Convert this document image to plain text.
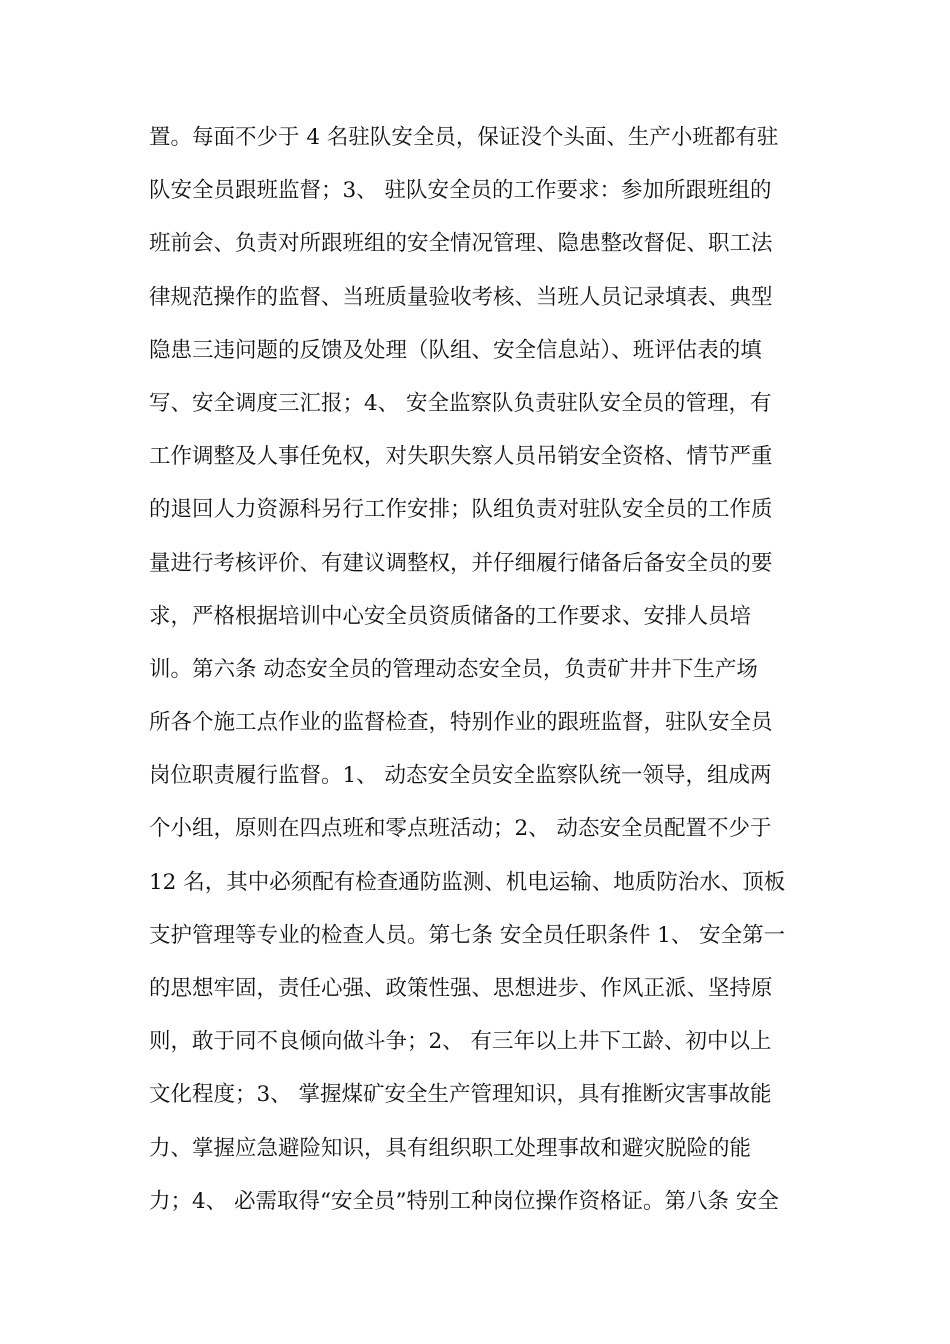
置。每面不少于 4 名驻队安全员，保证没个头面、生产小班都有驻
队安全员跟班监督；3、 驻队安全员的工作要求：参加所跟班组的
班前会、负责对所跟班组的安全情况管理、隐患整改督促、职工法
律规范操作的监督、当班质量验收考核、当班人员记录填表、典型
隐患三违问题的反馈及处理（队组、安全信息站）、班评估表的填
写、安全调度三汇报；4、 安全监察队负责驻队安全员的管理，有
工作调整及人事任免权，对失职失察人员吊销安全资格、情节严重
的退回人力资源科另行工作安排；队组负责对驻队安全员的工作质
量进行考核评价、有建议调整权，并仔细履行储备后备安全员的要
求，严格根据培训中心安全员资质储备的工作要求、安排人员培
训。第六条 动态安全员的管理动态安全员，负责矿井井下生产场
所各个施工点作业的监督检查，特别作业的跟班监督，驻队安全员
岗位职责履行监督。1、 动态安全员安全监察队统一领导，组成两
个小组，原则在四点班和零点班活动；2、 动态安全员配置不少于
12 名，其中必须配有检查通防监测、机电运输、地质防治水、顶板
支护管理等专业的检查人员。第七条 安全员任职条件 1、 安全第一
的思想牢固，责任心强、政策性强、思想进步、作风正派、坚持原
则，敢于同不良倾向做斗争；2、 有三年以上井下工龄、初中以上
文化程度；3、 掌握煤矿安全生产管理知识，具有推断灾害事故能
力、掌握应急避险知识，具有组织职工处理事故和避灾脱险的能
力；4、 必需取得“安全员”特别工种岗位操作资格证。第八条 安全
